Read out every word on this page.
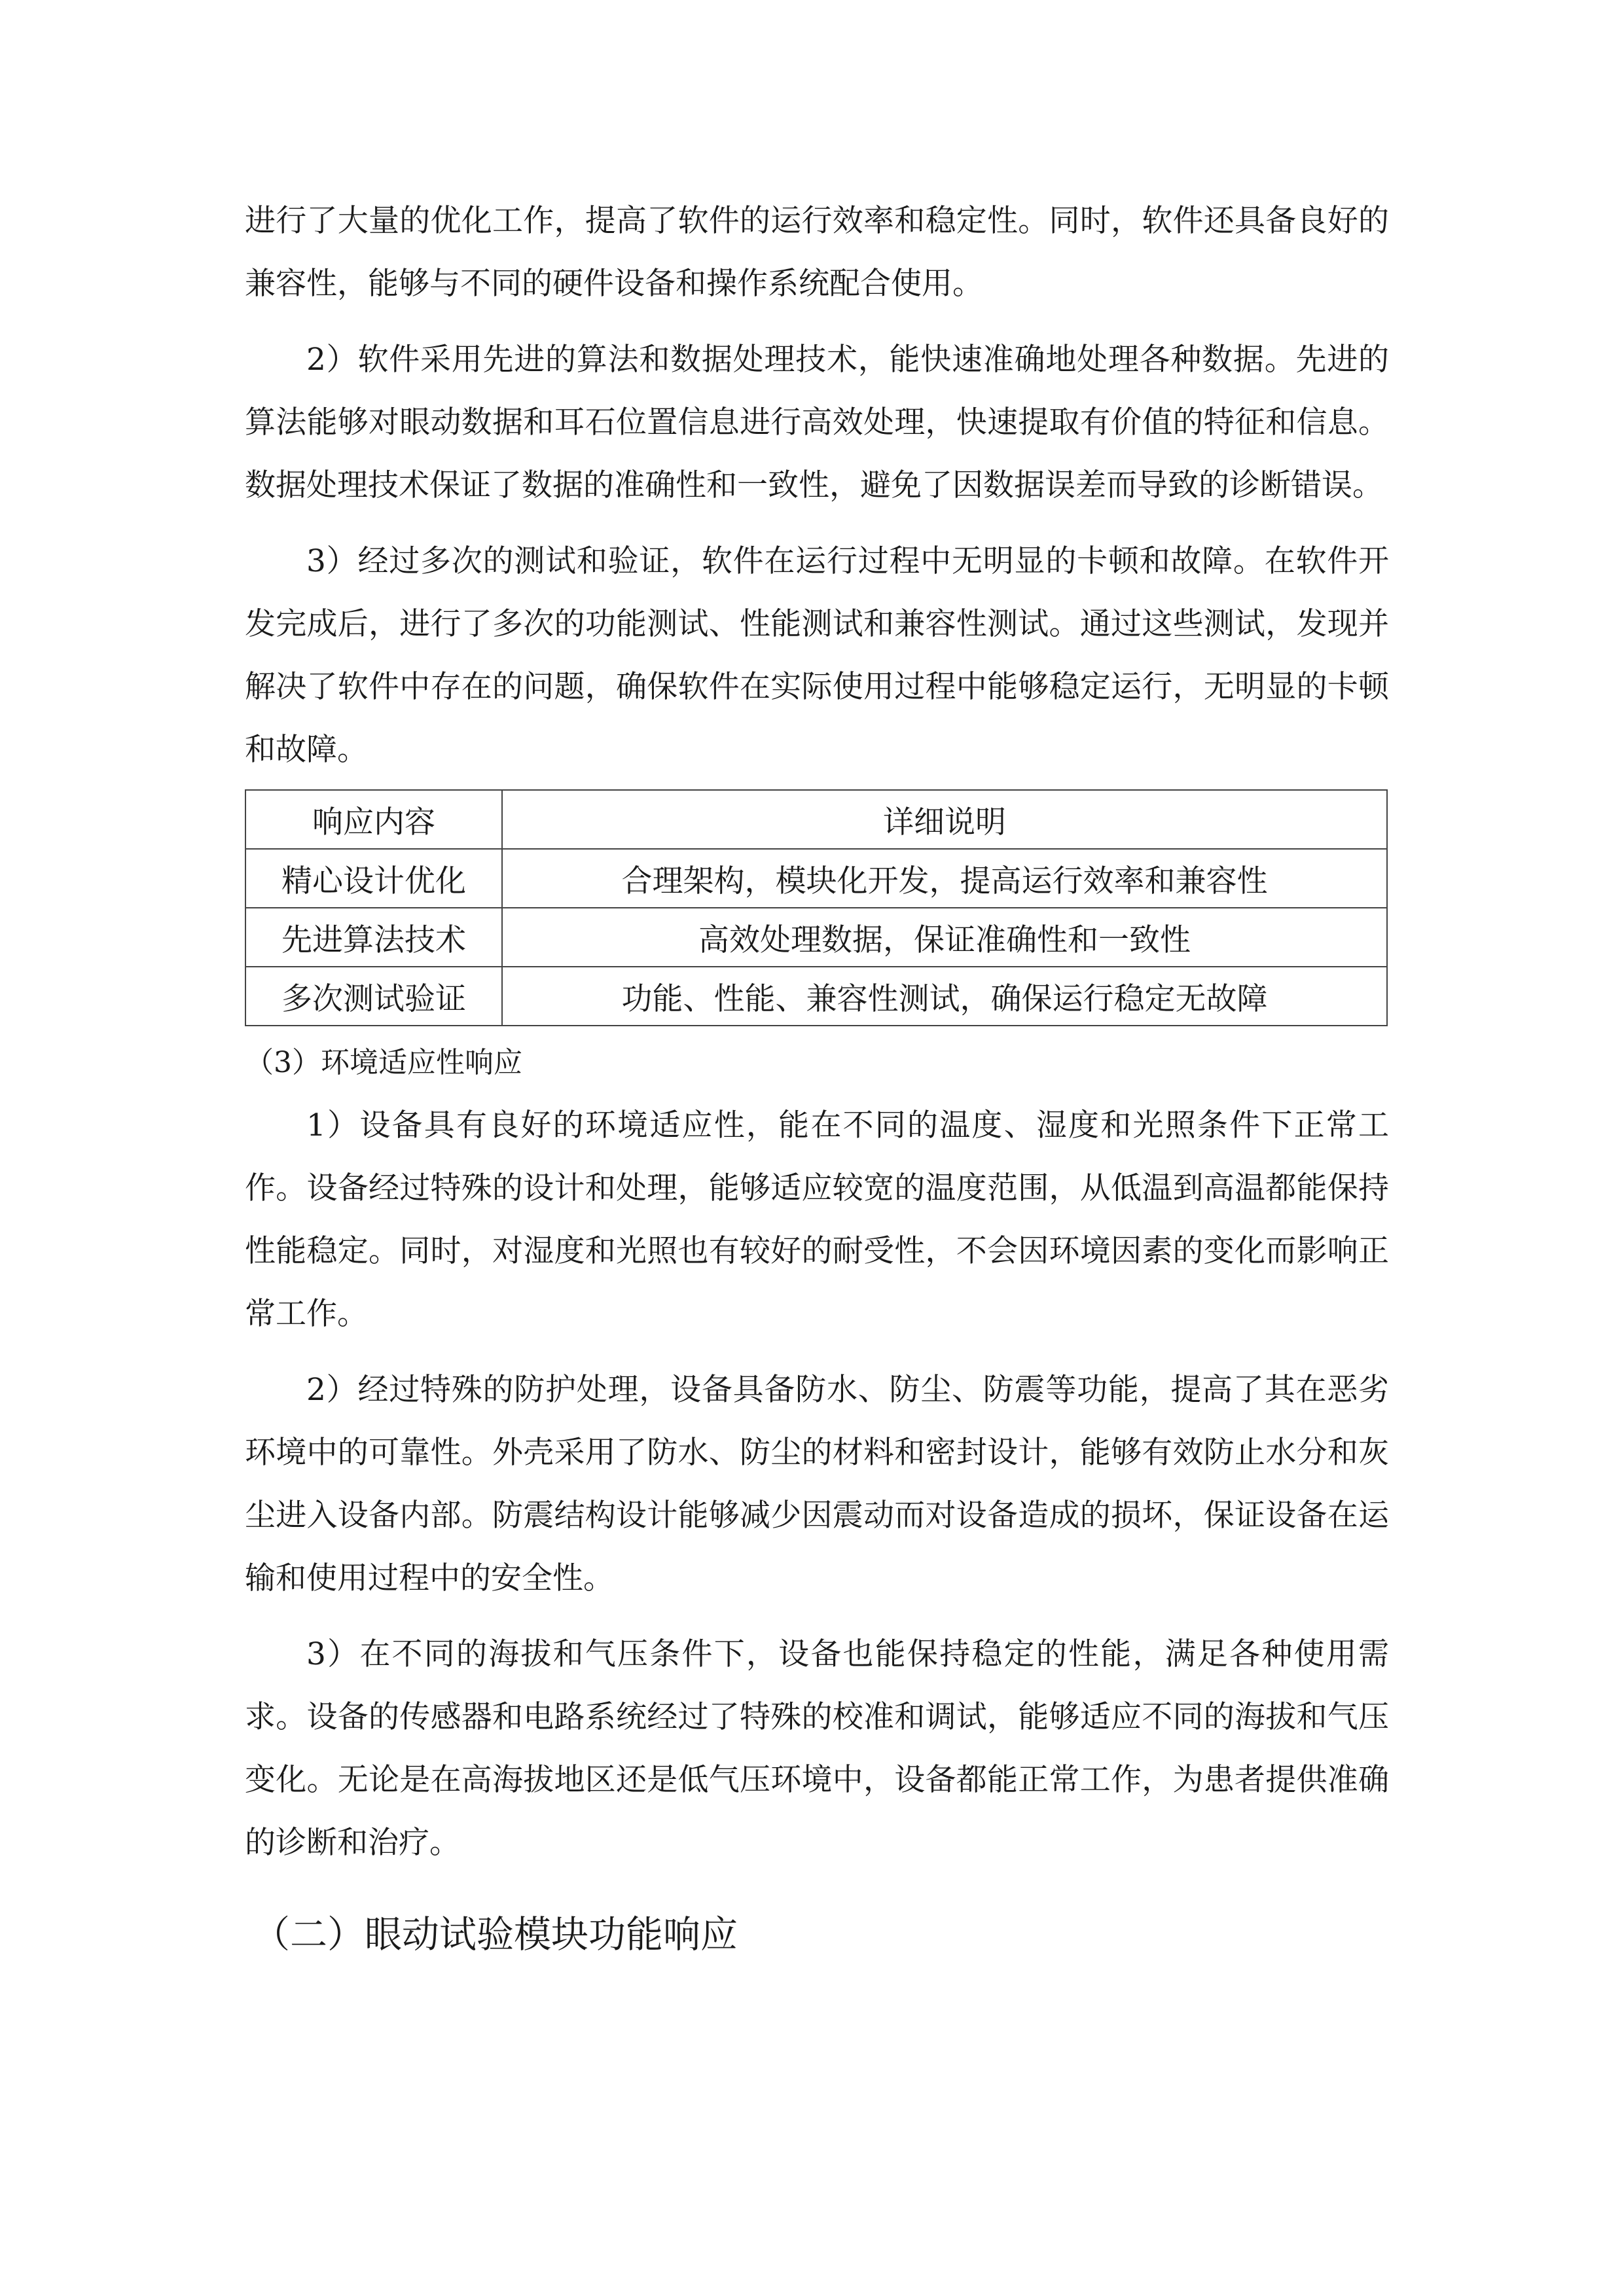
进行了大量的优化工作，提高了软件的运行效率和稳定性。同时，软件还具备良好的兼容性，能够与不同的硬件设备和操作系统配合使用。

2）软件采用先进的算法和数据处理技术，能快速准确地处理各种数据。先进的算法能够对眼动数据和耳石位置信息进行高效处理，快速提取有价值的特征和信息。数据处理技术保证了数据的准确性和一致性，避免了因数据误差而导致的诊断错误。

3）经过多次的测试和验证，软件在运行过程中无明显的卡顿和故障。在软件开发完成后，进行了多次的功能测试、性能测试和兼容性测试。通过这些测试，发现并解决了软件中存在的问题，确保软件在实际使用过程中能够稳定运行，无明显的卡顿和故障。

响应内容	详细说明
精心设计优化	合理架构，模块化开发，提高运行效率和兼容性
先进算法技术	高效处理数据，保证准确性和一致性
多次测试验证	功能、性能、兼容性测试，确保运行稳定无故障

（3）环境适应性响应

1）设备具有良好的环境适应性，能在不同的温度、湿度和光照条件下正常工作。设备经过特殊的设计和处理，能够适应较宽的温度范围，从低温到高温都能保持性能稳定。同时，对湿度和光照也有较好的耐受性，不会因环境因素的变化而影响正常工作。

2）经过特殊的防护处理，设备具备防水、防尘、防震等功能，提高了其在恶劣环境中的可靠性。外壳采用了防水、防尘的材料和密封设计，能够有效防止水分和灰尘进入设备内部。防震结构设计能够减少因震动而对设备造成的损坏，保证设备在运输和使用过程中的安全性。

3）在不同的海拔和气压条件下，设备也能保持稳定的性能，满足各种使用需求。设备的传感器和电路系统经过了特殊的校准和调试，能够适应不同的海拔和气压变化。无论是在高海拔地区还是低气压环境中，设备都能正常工作，为患者提供准确的诊断和治疗。

（二）眼动试验模块功能响应
